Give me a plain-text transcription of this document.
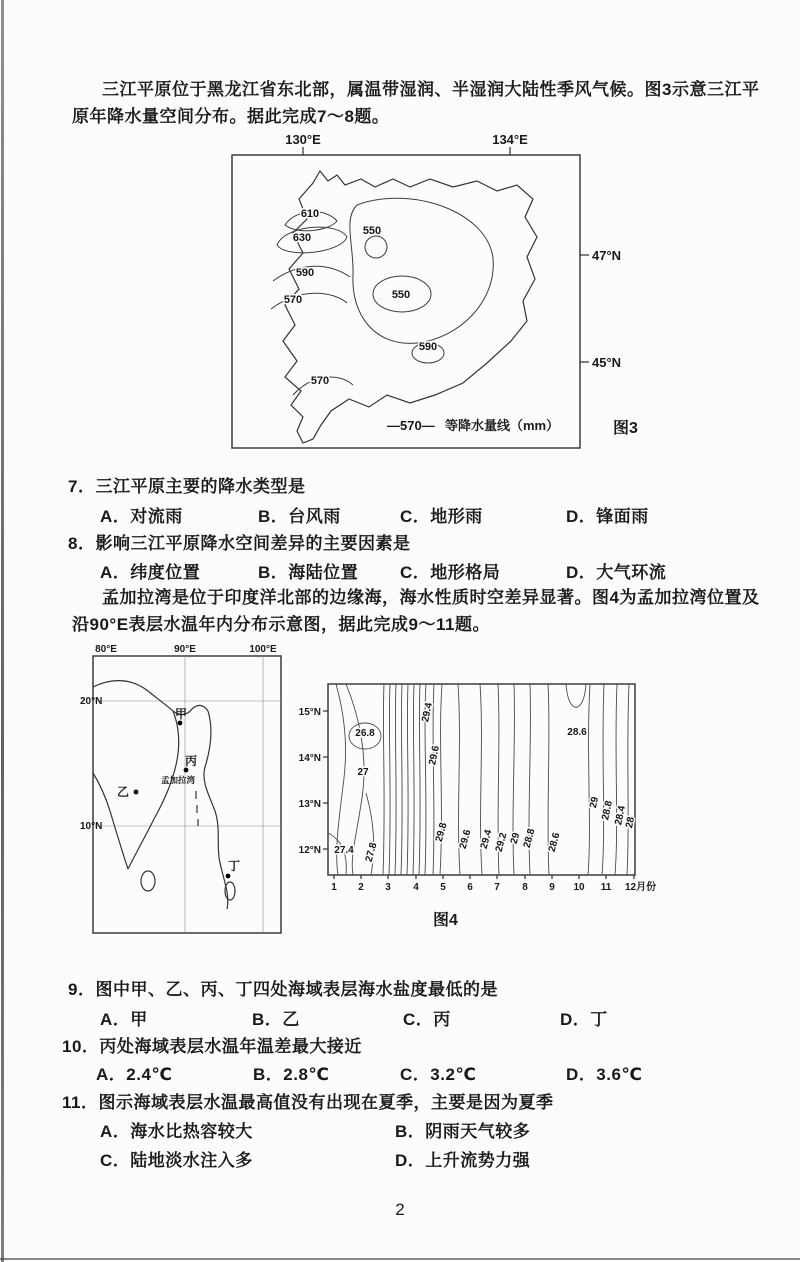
三江平原位于黑龙江省东北部，属温带湿润、半湿润大陆性季风气候。图3示意三江平
原年降水量空间分布。据此完成7～8题。
130°E	134°E
47°N
45°N
610
630
590
570
550
550
590
570
—570— 等降水量线（mm）	图3
7．三江平原主要的降水类型是
A．对流雨	B．台风雨	C．地形雨	D．锋面雨
8．影响三江平原降水空间差异的主要因素是
A．纬度位置	B．海陆位置 C．地形格局	D．大气环流
孟加拉湾是位于印度洋北部的边缘海，海水性质时空差异显著。图4为孟加拉湾位置及
沿90°E表层水温年内分布示意图，据此完成9～11题。
80°E	90°E	100°E
20°N
10°N
甲
丙
乙
丁
孟加拉湾
15°N
14°N
13°N
12°N
1 2 3 4 5 6 7 8 9 10 11 12月份
26.8
27
27.4 27.8
29.4
29.6
29.8 29.6 29.4 29.2 29 28.8 28.6
28.6
29 28.8
28.4
28
图4
9．图中甲、乙、丙、丁四处海域表层海水盐度最低的是
A．甲	B．乙	C．丙	D．丁
10．丙处海域表层水温年温差最大接近
A．2.4℃	B．2.8℃	C．3.2℃	D．3.6℃
11．图示海域表层水温最高值没有出现在夏季，主要是因为夏季
A．海水比热容较大	B．阴雨天气较多
C．陆地淡水注入多	D．上升流势力强
2
